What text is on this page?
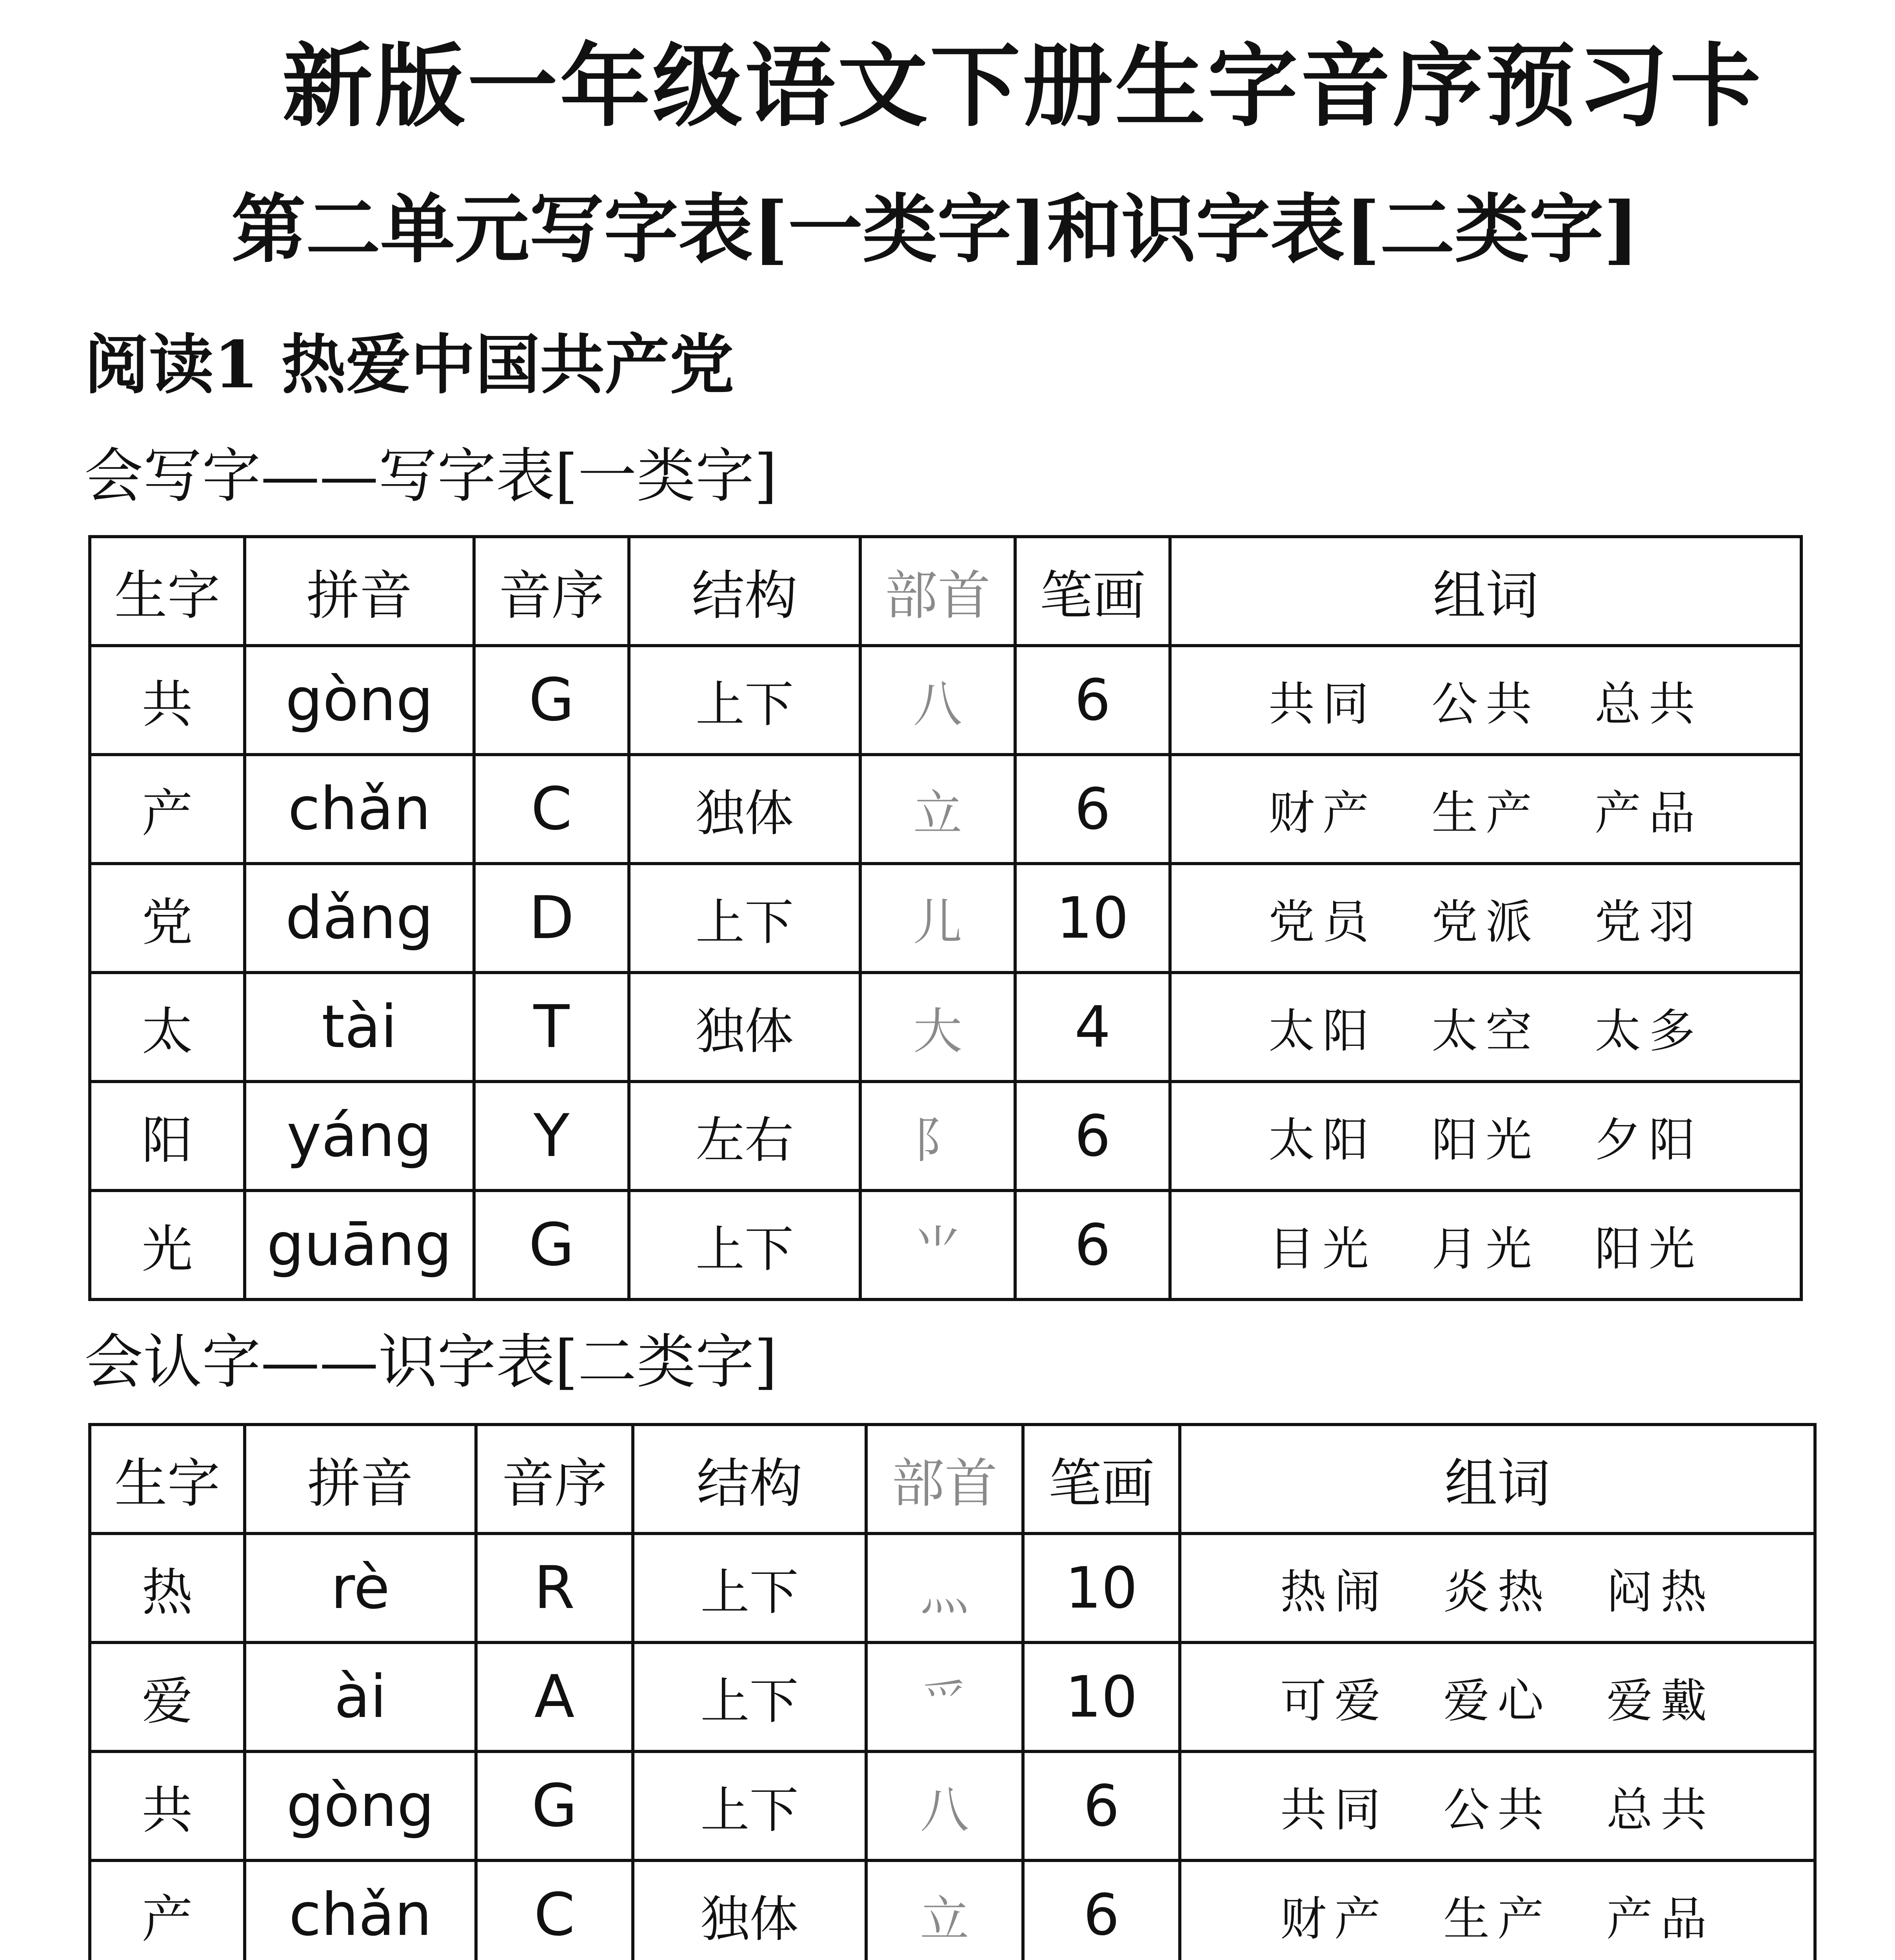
新版一年级语文下册生字音序预习卡
第二单元写字表[一类字]和识字表[二类字]
阅读1 热爱中国共产党
会写字——写字表[一类字]
生字	拼音	音序	结构	部首	笔画	组词
共	gòng	G	上下	八	6	共同 公共 总共
产	chǎn	C	独体	立	6	财产 生产 产品
党	dǎng	D	上下	儿	10	党员 党派 党羽
太	tài	T	独体	大	4	太阳 太空 太多
阳	yáng	Y	左右	阝	6	太阳 阳光 夕阳
光	guāng	G	上下	⺌	6	目光 月光 阳光
会认字——识字表[二类字]
生字	拼音	音序	结构	部首	笔画	组词
热	rè	R	上下	灬	10	热闹 炎热 闷热
爱	ài	A	上下	爫	10	可爱 爱心 爱戴
共	gòng	G	上下	八	6	共同 公共 总共
产	chǎn	C	独体	立	6	财产 生产 产品
